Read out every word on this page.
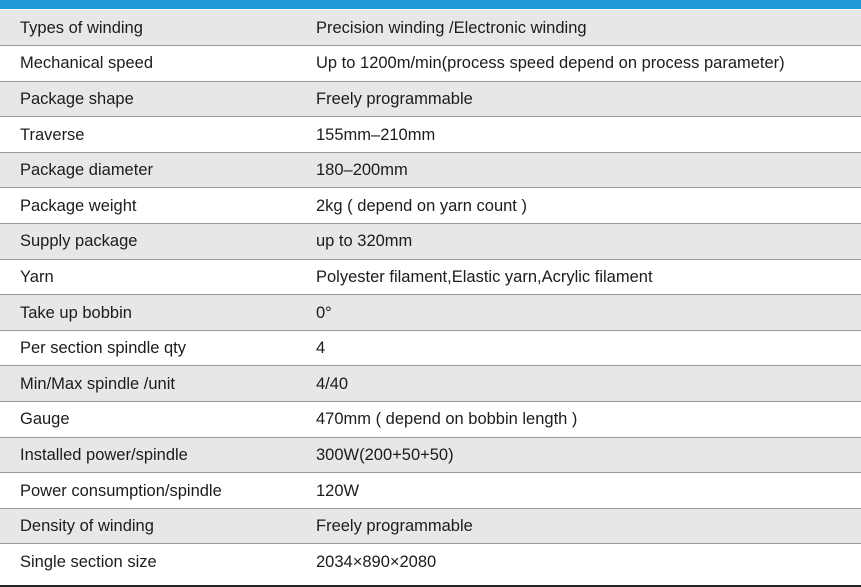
Types of winding	Precision winding /Electronic winding
Mechanical speed	Up to 1200m/min(process speed depend on process parameter)
Package shape	Freely programmable
Traverse	155mm–210mm
Package diameter	180–200mm
Package weight	2kg ( depend on yarn count )
Supply package	up to 320mm
Yarn	Polyester filament,Elastic yarn,Acrylic filament
Take up bobbin	0°
Per section spindle qty	4
Min/Max spindle /unit	4/40
Gauge	470mm ( depend on bobbin length )
Installed power/spindle	300W(200+50+50)
Power consumption/spindle	120W
Density of winding	Freely programmable
Single section size	2034×890×2080
